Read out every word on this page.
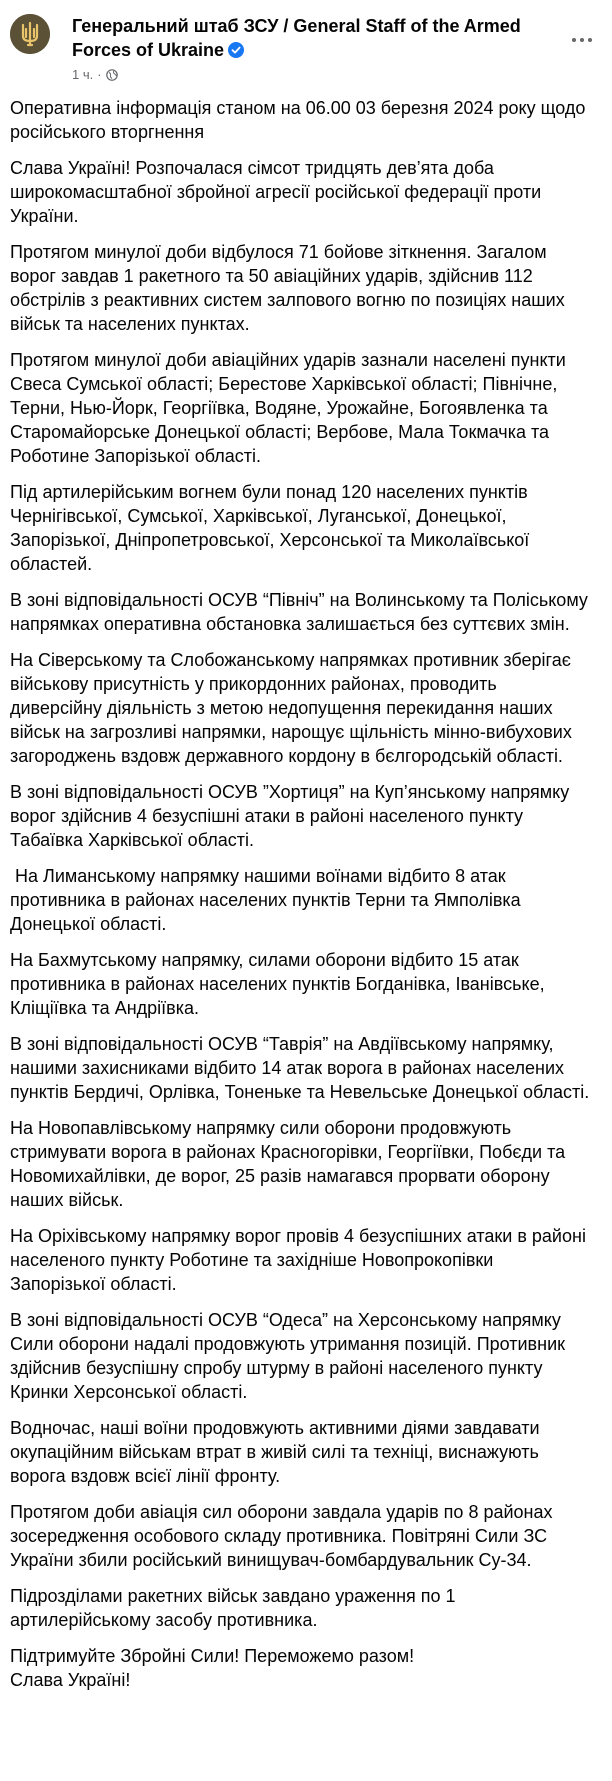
Генеральний штаб ЗСУ / General Staff of the Armed Forces of Ukraine
1 ч. ·
Оперативна інформація станом на 06.00 03 березня 2024 року щодо російського вторгнення
Слава Україні! Розпочалася сімсот тридцять дев’ята доба широкомасштабної збройної агресії російської федерації проти України.
Протягом минулої доби відбулося 71 бойове зіткнення. Загалом ворог завдав 1 ракетного та 50 авіаційних ударів, здійснив 112 обстрілів з реактивних систем залпового вогню по позиціях наших військ та населених пунктах.
Протягом минулої доби авіаційних ударів зазнали населені пункти Свеса Сумської області; Берестове Харківської області; Північне, Терни, Нью-Йорк, Георгіївка, Водяне, Урожайне, Богоявленка та Старомайорське Донецької області; Вербове, Мала Токмачка та Роботине Запорізької області.
Під артилерійським вогнем були понад 120 населених пунктів Чернігівської, Сумської, Харківської, Луганської, Донецької, Запорізької, Дніпропетровської, Херсонської та Миколаївської областей.
В зоні відповідальності ОСУВ “Північ” на Волинському та Поліському напрямках оперативна обстановка залишається без суттєвих змін.
На Сіверському та Слобожанському напрямках противник зберігає військову присутність у прикордонних районах, проводить диверсійну діяльність з метою недопущення перекидання наших військ на загрозливі напрямки, нарощує щільність мінно-вибухових загороджень вздовж державного кордону в бєлгородській області.
В зоні відповідальності ОСУВ ”Хортиця” на Куп’янському напрямку ворог здійснив 4 безуспішні атаки в районі населеного пункту Табаївка Харківської області.
На Лиманському напрямку нашими воїнами відбито 8 атак противника в районах населених пунктів Терни та Ямполівка Донецької області.
На Бахмутському напрямку, силами оборони відбито 15 атак противника в районах населених пунктів Богданівка, Іванівське, Кліщіївка та Андріївка.
В зоні відповідальності ОСУВ “Таврія” на Авдіївському напрямку, нашими захисниками відбито 14 атак ворога в районах населених пунктів Бердичі, Орлівка, Тоненьке та Невельське Донецької області.
На Новопавлівському напрямку сили оборони продовжують стримувати ворога в районах Красногорівки, Георгіївки, Побєди та Новомихайлівки, де ворог, 25 разів намагався прорвати оборону наших військ.
На Оріхівському напрямку ворог провів 4 безуспішних атаки в районі населеного пункту Роботине та західніше Новопрокопівки Запорізької області.
В зоні відповідальності ОСУВ “Одеса” на Херсонському напрямку Сили оборони надалі продовжують утримання позицій. Противник здійснив безуспішну спробу штурму в районі населеного пункту Кринки Херсонської області.
Водночас, наші воїни продовжують активними діями завдавати окупаційним військам втрат в живій силі та техніці, виснажують ворога вздовж всієї лінії фронту.
Протягом доби авіація сил оборони завдала ударів по 8 районах зосередження особового складу противника. Повітряні Сили ЗС України збили російський винищувач-бомбардувальник Су-34.
Підрозділами ракетних військ завдано ураження по 1 артилерійському засобу противника.
Підтримуйте Збройні Сили! Переможемо разом!
Слава Україні!
